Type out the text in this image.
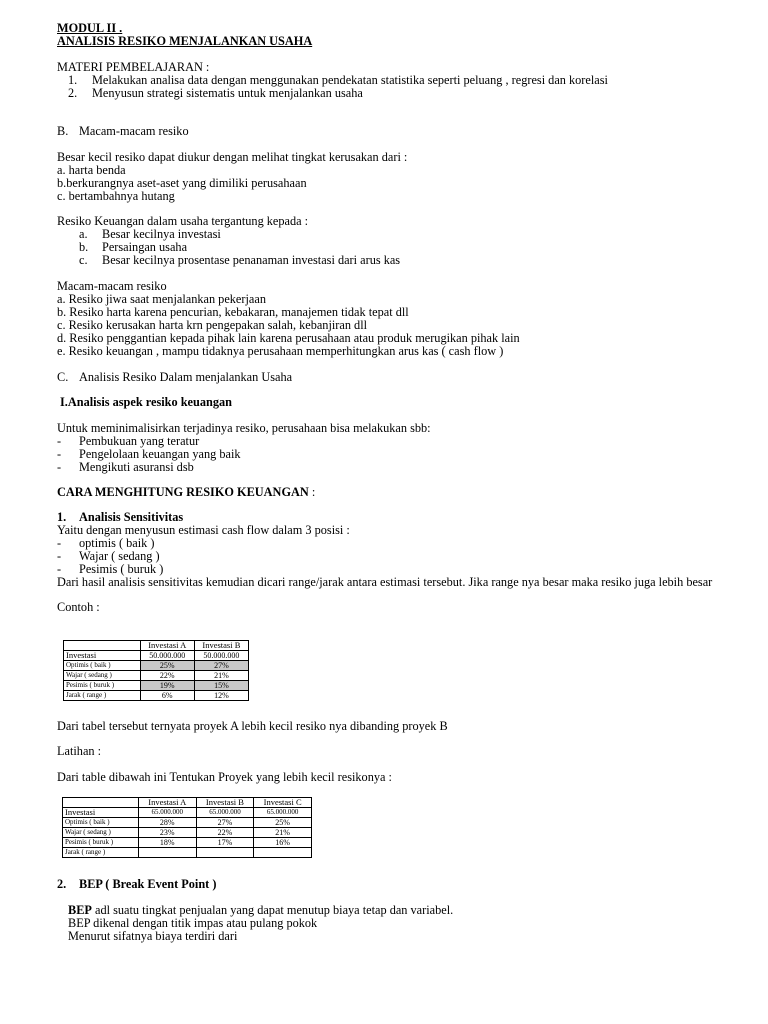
MODUL II .
ANALISIS RESIKO MENJALANKAN USAHA
MATERI PEMBELAJARAN :
1. Melakukan analisa data dengan menggunakan pendekatan statistika seperti peluang , regresi dan korelasi
2. Menyusun strategi sistematis untuk menjalankan usaha
B. Macam-macam resiko
Besar kecil resiko dapat diukur dengan melihat tingkat kerusakan dari :
a. harta benda
b.berkurangnya aset-aset yang dimiliki perusahaan
c. bertambahnya hutang
Resiko Keuangan dalam usaha tergantung kepada :
a. Besar kecilnya investasi
b. Persaingan usaha
c. Besar kecilnya prosentase penanaman investasi dari arus kas
Macam-macam resiko
a. Resiko jiwa saat menjalankan pekerjaan
b. Resiko harta karena pencurian, kebakaran, manajemen tidak tepat dll
c. Resiko kerusakan harta krn pengepakan salah, kebanjiran dll
d. Resiko penggantian kepada pihak lain karena perusahaan atau produk merugikan pihak lain
e. Resiko keuangan , mampu tidaknya perusahaan memperhitungkan arus kas ( cash flow )
C. Analisis Resiko Dalam menjalankan Usaha
I.Analisis aspek resiko keuangan
Untuk meminimalisirkan terjadinya resiko, perusahaan bisa melakukan sbb:
- Pembukuan yang teratur
- Pengelolaan keuangan yang baik
- Mengikuti asuransi dsb
CARA MENGHITUNG RESIKO KEUANGAN :
1. Analisis Sensitivitas
Yaitu dengan menyusun estimasi cash flow dalam 3 posisi :
- optimis ( baik )
- Wajar ( sedang )
- Pesimis ( buruk )
Dari hasil analisis sensitivitas kemudian dicari range/jarak antara estimasi tersebut. Jika range nya besar maka resiko juga lebih besar
Contoh :
	Investasi A	Investasi B
Investasi	50.000.000	50.000.000
Optimis ( baik )	25%	27%
Wajar ( sedang )	22%	21%
Pesimis ( buruk )	19%	15%
Jarak ( range )	6%	12%
Dari tabel tersebut ternyata proyek A lebih kecil resiko nya dibanding proyek B
Latihan :
Dari table dibawah ini Tentukan Proyek yang lebih kecil resikonya :
	Investasi A	Investasi B	Investasi C
Investasi	65.000.000	65.000.000	65.000.000
Optimis ( baik )	28%	27%	25%
Wajar ( sedang )	23%	22%	21%
Pesimis ( buruk )	18%	17%	16%
Jarak ( range )			
2. BEP ( Break Event Point )
BEP adl suatu tingkat penjualan yang dapat menutup biaya tetap dan variabel.
BEP dikenal dengan titik impas atau pulang pokok
Menurut sifatnya biaya terdiri dari
